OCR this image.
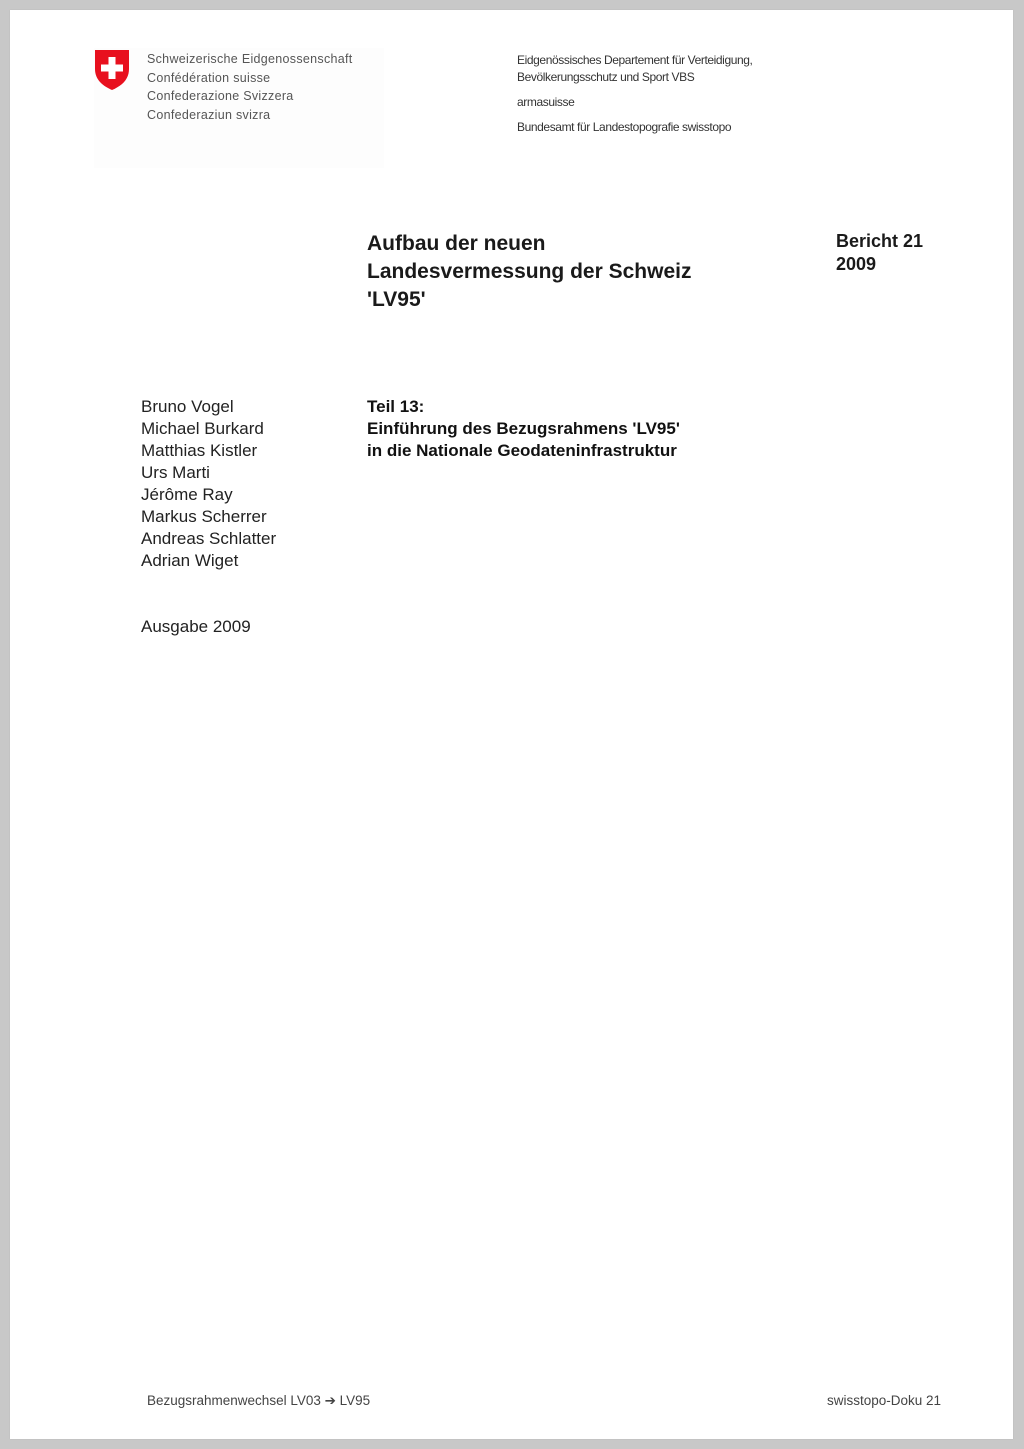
Schweizerische Eidgenossenschaft
Confédération suisse
Confederazione Svizzera
Confederaziun svizra
Eidgenössisches Departement für Verteidigung,
Bevölkerungsschutz und Sport VBS
armasuisse
Bundesamt für Landestopografie swisstopo
Aufbau der neuen
Landesvermessung der Schweiz
'LV95'
Bericht 21
2009
Bruno Vogel
Michael Burkard
Matthias Kistler
Urs Marti
Jérôme Ray
Markus Scherrer
Andreas Schlatter
Adrian Wiget
Teil 13:
Einführung des Bezugsrahmens 'LV95'
in die Nationale Geodateninfrastruktur
Ausgabe 2009
Bezugsrahmenwechsel LV03 ➔ LV95	swisstopo-Doku 21
